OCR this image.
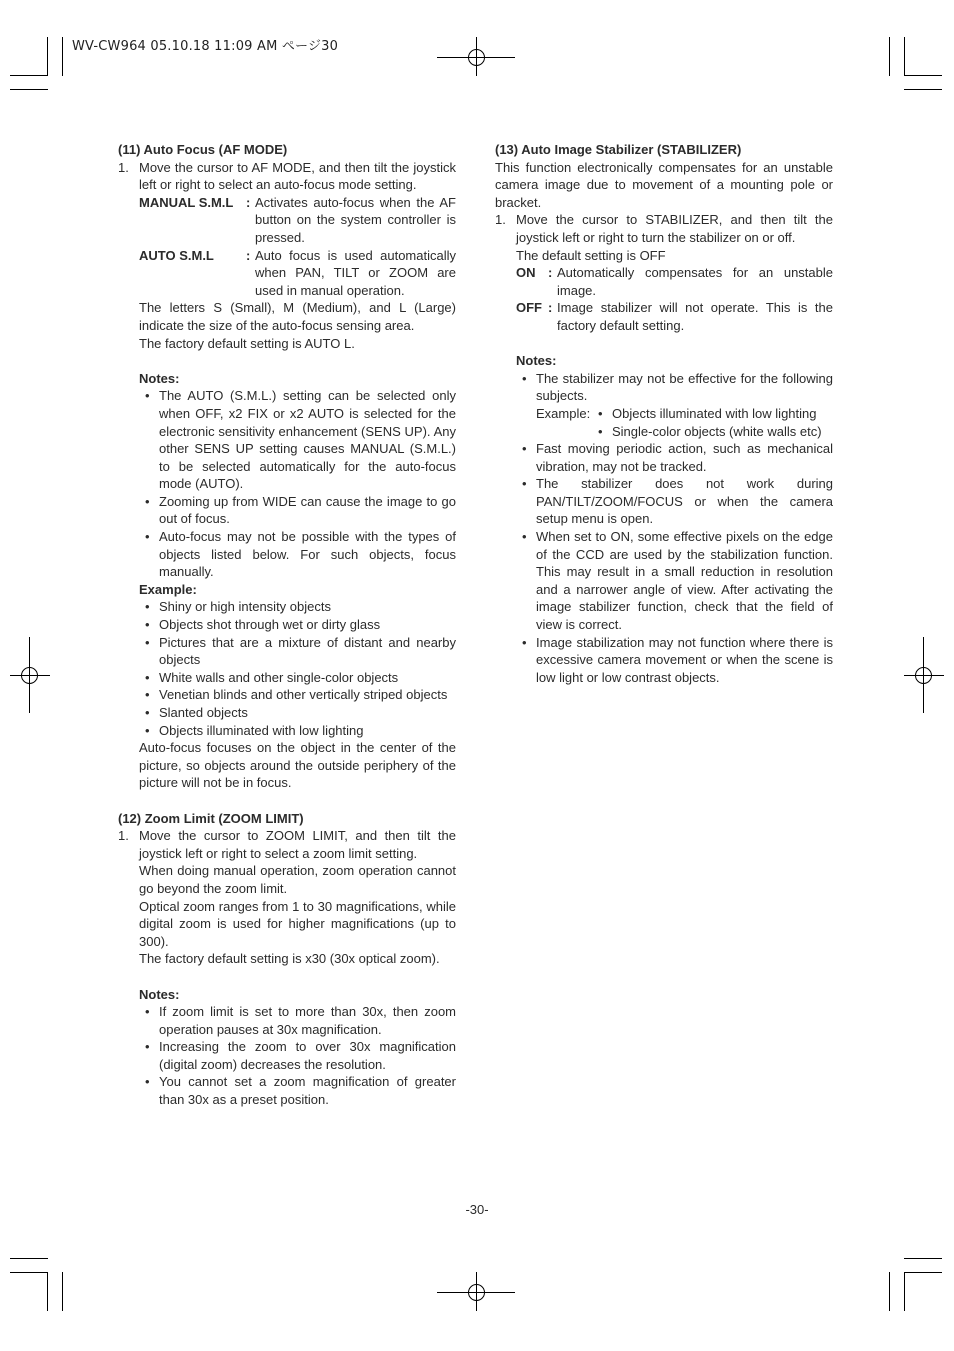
WV-CW964 05.10.18 11:09 AM ページ30

(11) Auto Focus (AF MODE)

1. Move the cursor to AF MODE, and then tilt the joystick left or right to select an auto-focus mode setting.
MANUAL S.M.L : Activates auto-focus when the AF button on the system controller is pressed.
AUTO S.M.L	: Auto focus is used automatically when PAN, TILT or ZOOM are used in manual operation.

The letters S (Small), M (Medium), and L (Large) indicate the size of the auto-focus sensing area.

The factory default setting is AUTO L.

Notes:

• The AUTO (S.M.L.) setting can be selected only when OFF, x2 FIX or x2 AUTO is selected for the electronic sensitivity enhancement (SENS UP). Any other SENS UP setting causes MANUAL (S.M.L.) to be selected automatically for the auto-focus mode (AUTO).
• Zooming up from WIDE can cause the image to go out of focus.
• Auto-focus may not be possible with the types of objects listed below. For such objects, focus manually.

Example:

• Shiny or high intensity objects
• Objects shot through wet or dirty glass
• Pictures that are a mixture of distant and nearby objects
• White walls and other single-color objects
• Venetian blinds and other vertically striped objects
• Slanted objects
• Objects illuminated with low lighting

Auto-focus focuses on the object in the center of the picture, so objects around the outside periphery of the picture will not be in focus.

(12) Zoom Limit (ZOOM LIMIT)

1. Move the cursor to ZOOM LIMIT, and then tilt the joystick left or right to select a zoom limit setting.

When doing manual operation, zoom operation cannot go beyond the zoom limit.

Optical zoom ranges from 1 to 30 magnifications, while digital zoom is used for higher magnifications (up to 300).

The factory default setting is x30 (30x optical zoom).

Notes:

• If zoom limit is set to more than 30x, then zoom operation pauses at 30x magnification.
• Increasing the zoom to over 30x magnification (digital zoom) decreases the resolution.
• You cannot set a zoom magnification of greater than 30x as a preset position.

(13) Auto Image Stabilizer (STABILIZER)

This function electronically compensates for an unstable camera image due to movement of a mounting pole or bracket.

1. Move the cursor to STABILIZER, and then tilt the joystick left or right to turn the stabilizer on or off.

The default setting is OFF

ON : Automatically compensates for an unstable image.
OFF : Image stabilizer will not operate. This is the factory default setting.

Notes:

• The stabilizer may not be effective for the following subjects.
Example:
•	Objects illuminated with low lighting
• Single-color objects (white walls etc)
• Fast moving periodic action, such as mechanical vibration, may not be tracked.
• The stabilizer does not work during PAN/TILT/ZOOM/FOCUS or when the camera setup menu is open.
• When set to ON, some effective pixels on the edge of the CCD are used by the stabilization function. This may result in a small reduction in resolution and a narrower angle of view. After activating the image stabilizer function, check that the field of view is correct.
• Image stabilization may not function where there is excessive camera movement or when the scene is low light or low contrast objects.
-30-
